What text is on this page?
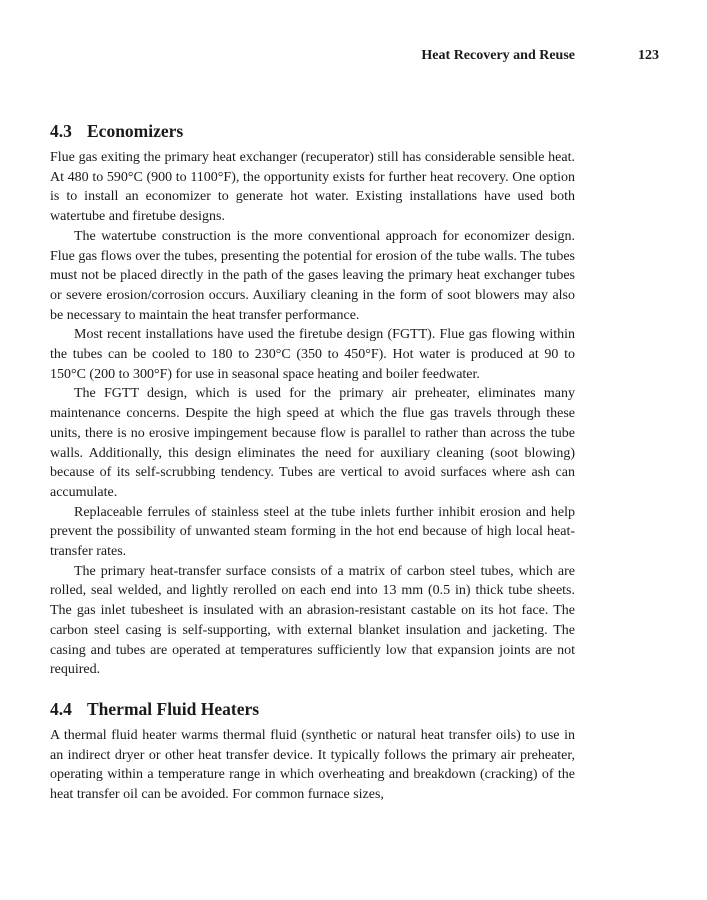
Heat Recovery and Reuse	123
4.3 Economizers

Flue gas exiting the primary heat exchanger (recuperator) still has considerable sensible heat. At 480 to 590°C (900 to 1100°F), the opportunity exists for further heat recovery. One option is to install an economizer to generate hot water. Existing installations have used both watertube and firetube designs.

The watertube construction is the more conventional approach for economizer design. Flue gas flows over the tubes, presenting the potential for erosion of the tube walls. The tubes must not be placed directly in the path of the gases leaving the primary heat exchanger tubes or severe erosion/corrosion occurs. Auxiliary cleaning in the form of soot blowers may also be necessary to maintain the heat transfer performance.

Most recent installations have used the firetube design (FGTT). Flue gas flowing within the tubes can be cooled to 180 to 230°C (350 to 450°F). Hot water is produced at 90 to 150°C (200 to 300°F) for use in seasonal space heating and boiler feedwater.

The FGTT design, which is used for the primary air preheater, eliminates many maintenance concerns. Despite the high speed at which the flue gas travels through these units, there is no erosive impingement because flow is parallel to rather than across the tube walls. Additionally, this design eliminates the need for auxiliary cleaning (soot blowing) because of its self-scrubbing tendency. Tubes are vertical to avoid surfaces where ash can accumulate.

Replaceable ferrules of stainless steel at the tube inlets further inhibit erosion and help prevent the possibility of unwanted steam forming in the hot end because of high local heat-transfer rates.

The primary heat-transfer surface consists of a matrix of carbon steel tubes, which are rolled, seal welded, and lightly rerolled on each end into 13 mm (0.5 in) thick tube sheets. The gas inlet tubesheet is insulated with an abrasion-resistant castable on its hot face. The carbon steel casing is self-supporting, with external blanket insulation and jacketing. The casing and tubes are operated at temperatures sufficiently low that expansion joints are not required.

4.4 Thermal Fluid Heaters

A thermal fluid heater warms thermal fluid (synthetic or natural heat transfer oils) to use in an indirect dryer or other heat transfer device. It typically follows the primary air preheater, operating within a temperature range in which overheating and breakdown (cracking) of the heat transfer oil can be avoided. For common furnace sizes,
